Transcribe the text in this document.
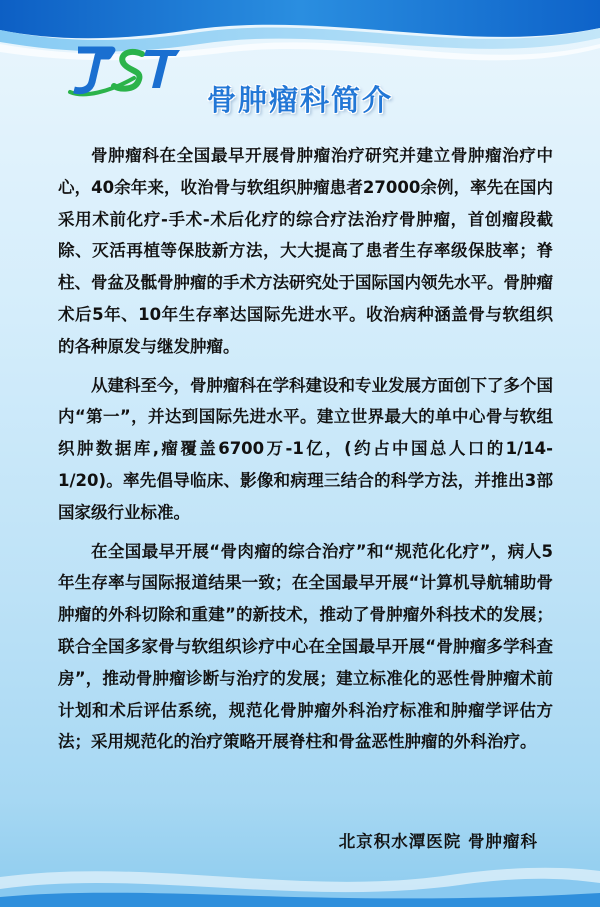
骨肿瘤科简介

骨肿瘤科在全国最早开展骨肿瘤治疗研究并建立骨肿瘤治疗中心，40余年来，收治骨与软组织肿瘤患者27000余例，率先在国内采用术前化疗-手术-术后化疗的综合疗法治疗骨肿瘤，首创瘤段截除、灭活再植等保肢新方法，大大提高了患者生存率级保肢率；脊柱、骨盆及骶骨肿瘤的手术方法研究处于国际国内领先水平。骨肿瘤术后5年、10年生存率达国际先进水平。收治病种涵盖骨与软组织的各种原发与继发肿瘤。

从建科至今，骨肿瘤科在学科建设和专业发展方面创下了多个国内“第一”，并达到国际先进水平。建立世界最大的单中心骨与软组织肿数据库,瘤覆盖6700万-1亿，(约占中国总人口的1/14-1/20)。率先倡导临床、影像和病理三结合的科学方法，并推出3部国家级行业标准。

在全国最早开展“骨肉瘤的综合治疗”和“规范化化疗”，病人5年生存率与国际报道结果一致；在全国最早开展“计算机导航辅助骨肿瘤的外科切除和重建”的新技术，推动了骨肿瘤外科技术的发展；联合全国多家骨与软组织诊疗中心在全国最早开展“骨肿瘤多学科查房”，推动骨肿瘤诊断与治疗的发展；建立标准化的恶性骨肿瘤术前计划和术后评估系统，规范化骨肿瘤外科治疗标准和肿瘤学评估方法；采用规范化的治疗策略开展脊柱和骨盆恶性肿瘤的外科治疗。

北京积水潭医院 骨肿瘤科
